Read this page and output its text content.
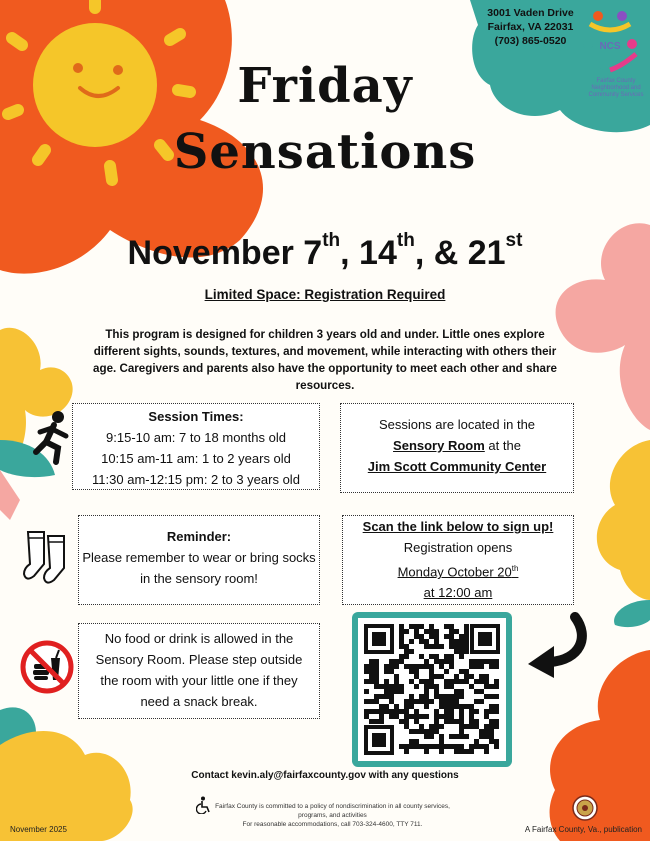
3001 Vaden Drive
Fairfax, VA 22031
(703) 865-0520	NCS
Fairfax County Neighborhood and Community Services
Friday
Sensations
November 7th, 14th, & 21st
Limited Space: Registration Required
This program is designed for children 3 years old and under. Little ones explore different sights, sounds, textures, and movement, while interacting with others their age. Caregivers and parents also have the opportunity to meet each other and share resources.
Session Times:
9:15-10 am: 7 to 18 months old
10:15 am-11 am: 1 to 2 years old
11:30 am-12:15 pm: 2 to 3 years old
Sessions are located in the
Sensory Room at the
Jim Scott Community Center
Reminder:
Please remember to wear or bring socks in the sensory room!
Scan the link below to sign up!
Registration opens
Monday October 20th
at 12:00 am
No food or drink is allowed in the Sensory Room. Please step outside the room with your little one if they need a snack break.
Contact kevin.aly@fairfaxcounty.gov with any questions
Fairfax County is committed to a policy of nondiscrimination in all county services, programs, and activities
For reasonable accommodations, call 703-324-4600, TTY 711.
November 2025	A Fairfax County, Va., publication
